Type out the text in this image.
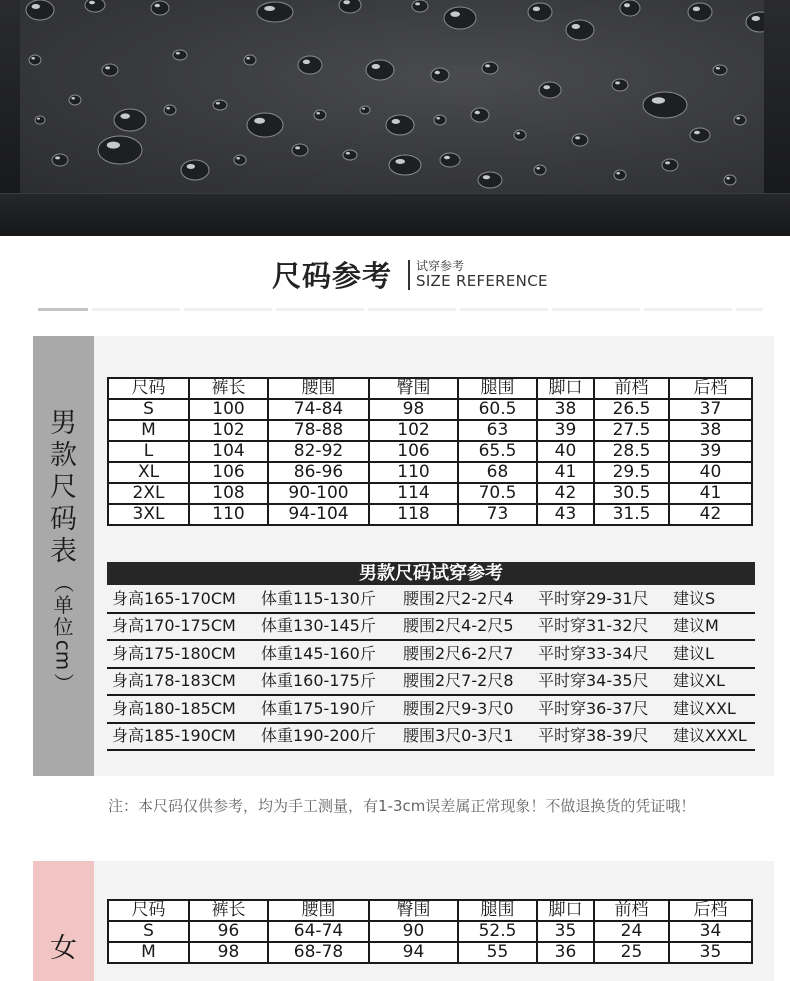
尺码参考 试穿参考
SIZE REFERENCE
男
款
尺
码
表
（
单
位
cm
）
尺码	裤长	腰围	臀围	腿围	脚口	前档	后档
S	100	74-84	98	60.5	38	26.5	37
M	102	78-88	102	63	39	27.5	38
L	104	82-92	106	65.5	40	28.5	39
XL	106	86-96	110	68	41	29.5	40
2XL	108	90-100	114	70.5	42	30.5	41
3XL	110	94-104	118	73	43	31.5	42
男款尺码试穿参考
身高165-170CM 体重115-130斤 腰围2尺2-2尺4 平时穿29-31尺 建议S
身高170-175CM 体重130-145斤 腰围2尺4-2尺5 平时穿31-32尺 建议M
身高175-180CM 体重145-160斤 腰围2尺6-2尺7 平时穿33-34尺 建议L
身高178-183CM 体重160-175斤 腰围2尺7-2尺8 平时穿34-35尺 建议XL
身高180-185CM 体重175-190斤 腰围2尺9-3尺0 平时穿36-37尺 建议XXL
身高185-190CM 体重190-200斤 腰围3尺0-3尺1 平时穿38-39尺 建议XXXL
注：本尺码仅供参考，均为手工测量，有1-3cm误差属正常现象！不做退换货的凭证哦！
女
尺码	裤长	腰围	臀围	腿围	脚口	前档	后档
S	96	64-74	90	52.5	35	24	34
M	98	68-78	94	55	36	25	35
